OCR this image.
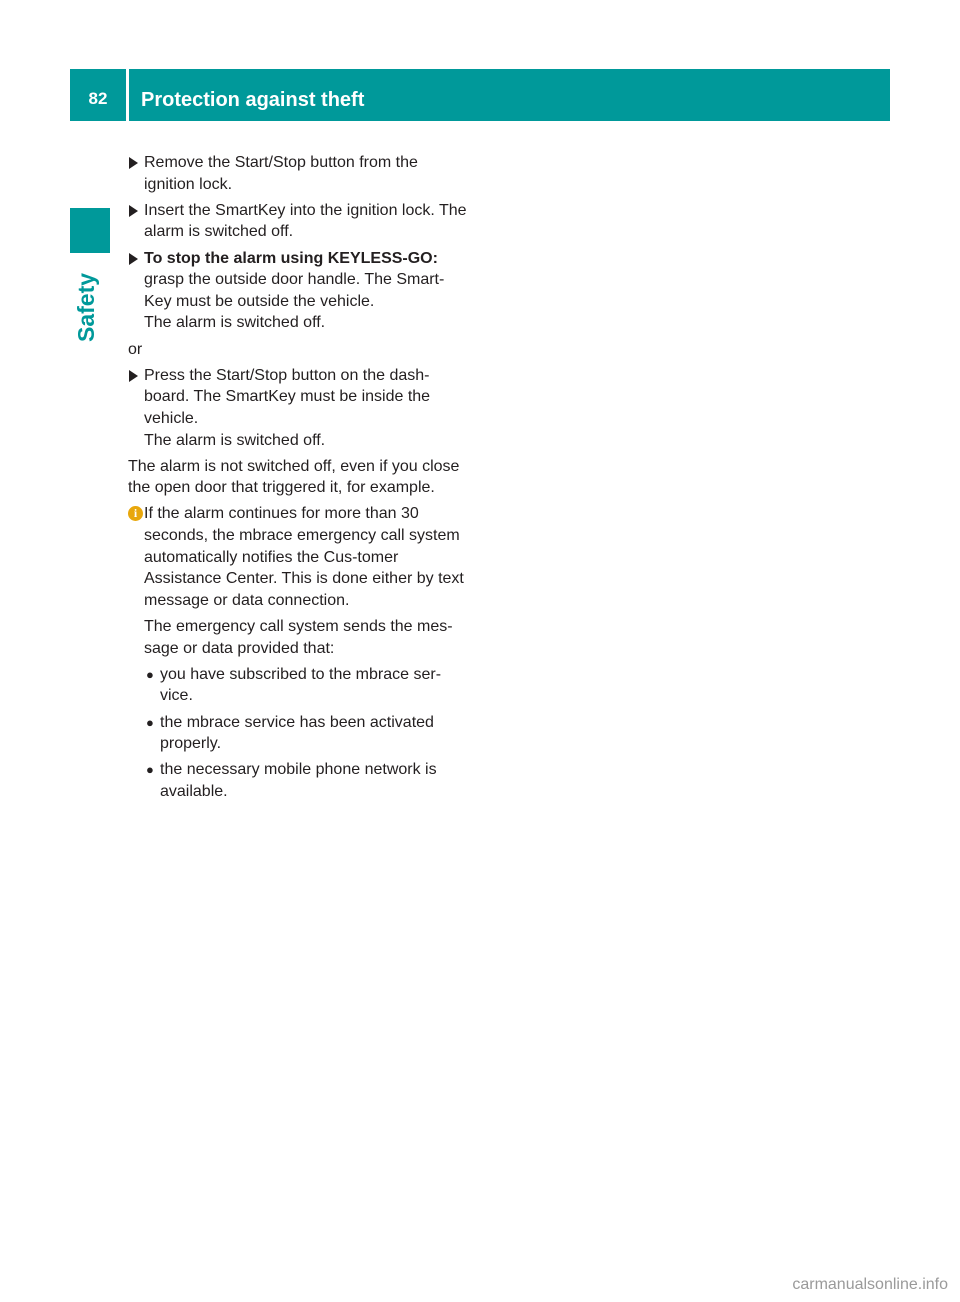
82	Protection against theft
Safety
Remove the Start/Stop button from the ignition lock.
Insert the SmartKey into the ignition lock. The alarm is switched off.
To stop the alarm using KEYLESS-GO:
grasp the outside door handle. The Smart-Key must be outside the vehicle.
The alarm is switched off.
or
Press the Start/Stop button on the dash-board. The SmartKey must be inside the vehicle.
The alarm is switched off.
The alarm is not switched off, even if you close the open door that triggered it, for example.
i If the alarm continues for more than 30 seconds, the mbrace emergency call system automatically notifies the Cus-tomer Assistance Center. This is done either by text message or data connection.

The emergency call system sends the mes-sage or data provided that:

● you have subscribed to the mbrace ser-vice.
● the mbrace service has been activated properly.
● the necessary mobile phone network is available.
carmanualsonline.info
